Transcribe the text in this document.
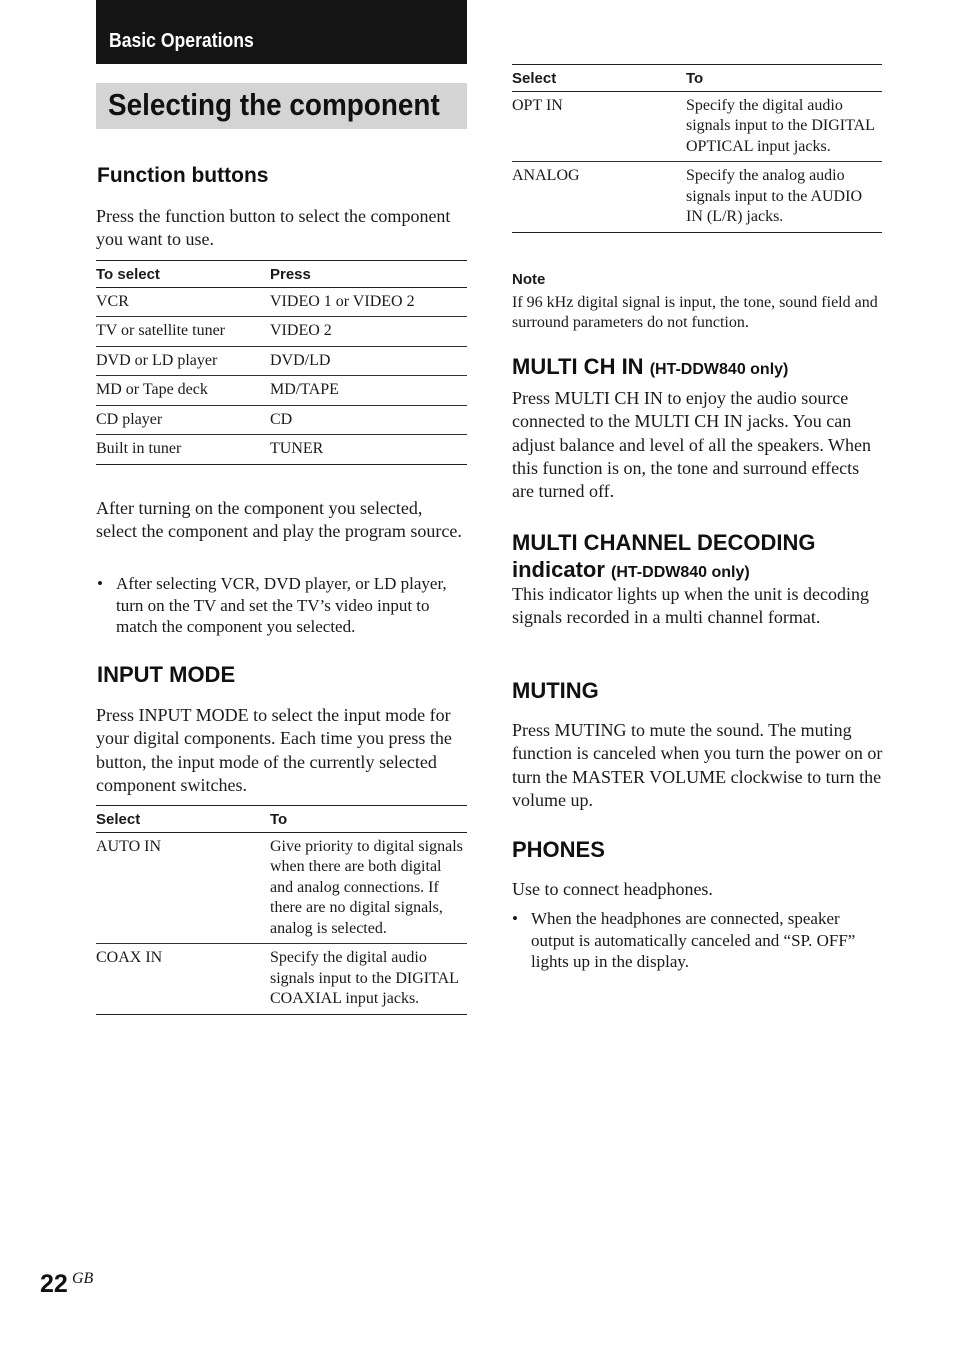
Basic Operations
Selecting the component
Function buttons
Press the function button to select the component you want to use.
To select	Press
VCR	VIDEO 1 or VIDEO 2
TV or satellite tuner	VIDEO 2
DVD or LD player	DVD/LD
MD or Tape deck	MD/TAPE
CD player	CD
Built in tuner	TUNER
After turning on the component you selected, select the component and play the program source.
• After selecting VCR, DVD player, or LD player, turn on the TV and set the TV’s video input to match the component you selected.
INPUT MODE
Press INPUT MODE to select the input mode for your digital components. Each time you press the button, the input mode of the currently selected component switches.
Select	To
AUTO IN	Give priority to digital signals when there are both digital and analog connections. If there are no digital signals, analog is selected.
COAX IN	Specify the digital audio signals input to the DIGITAL COAXIAL input jacks.
Select	To
OPT IN	Specify the digital audio signals input to the DIGITAL OPTICAL input jacks.
ANALOG	Specify the analog audio signals input to the AUDIO IN (L/R) jacks.
Note
If 96 kHz digital signal is input, the tone, sound field and surround parameters do not function.
MULTI CH IN (HT-DDW840 only)
Press MULTI CH IN to enjoy the audio source connected to the MULTI CH IN jacks. You can adjust balance and level of all the speakers. When this function is on, the tone and surround effects are turned off.
MULTI CHANNEL DECODING
indicator (HT-DDW840 only)
This indicator lights up when the unit is decoding signals recorded in a multi channel format.
MUTING
Press MUTING to mute the sound. The muting function is canceled when you turn the power on or turn the MASTER VOLUME clockwise to turn the volume up.
PHONES
Use to connect headphones.
• When the headphones are connected, speaker output is automatically canceled and “SP. OFF” lights up in the display.
22 GB
